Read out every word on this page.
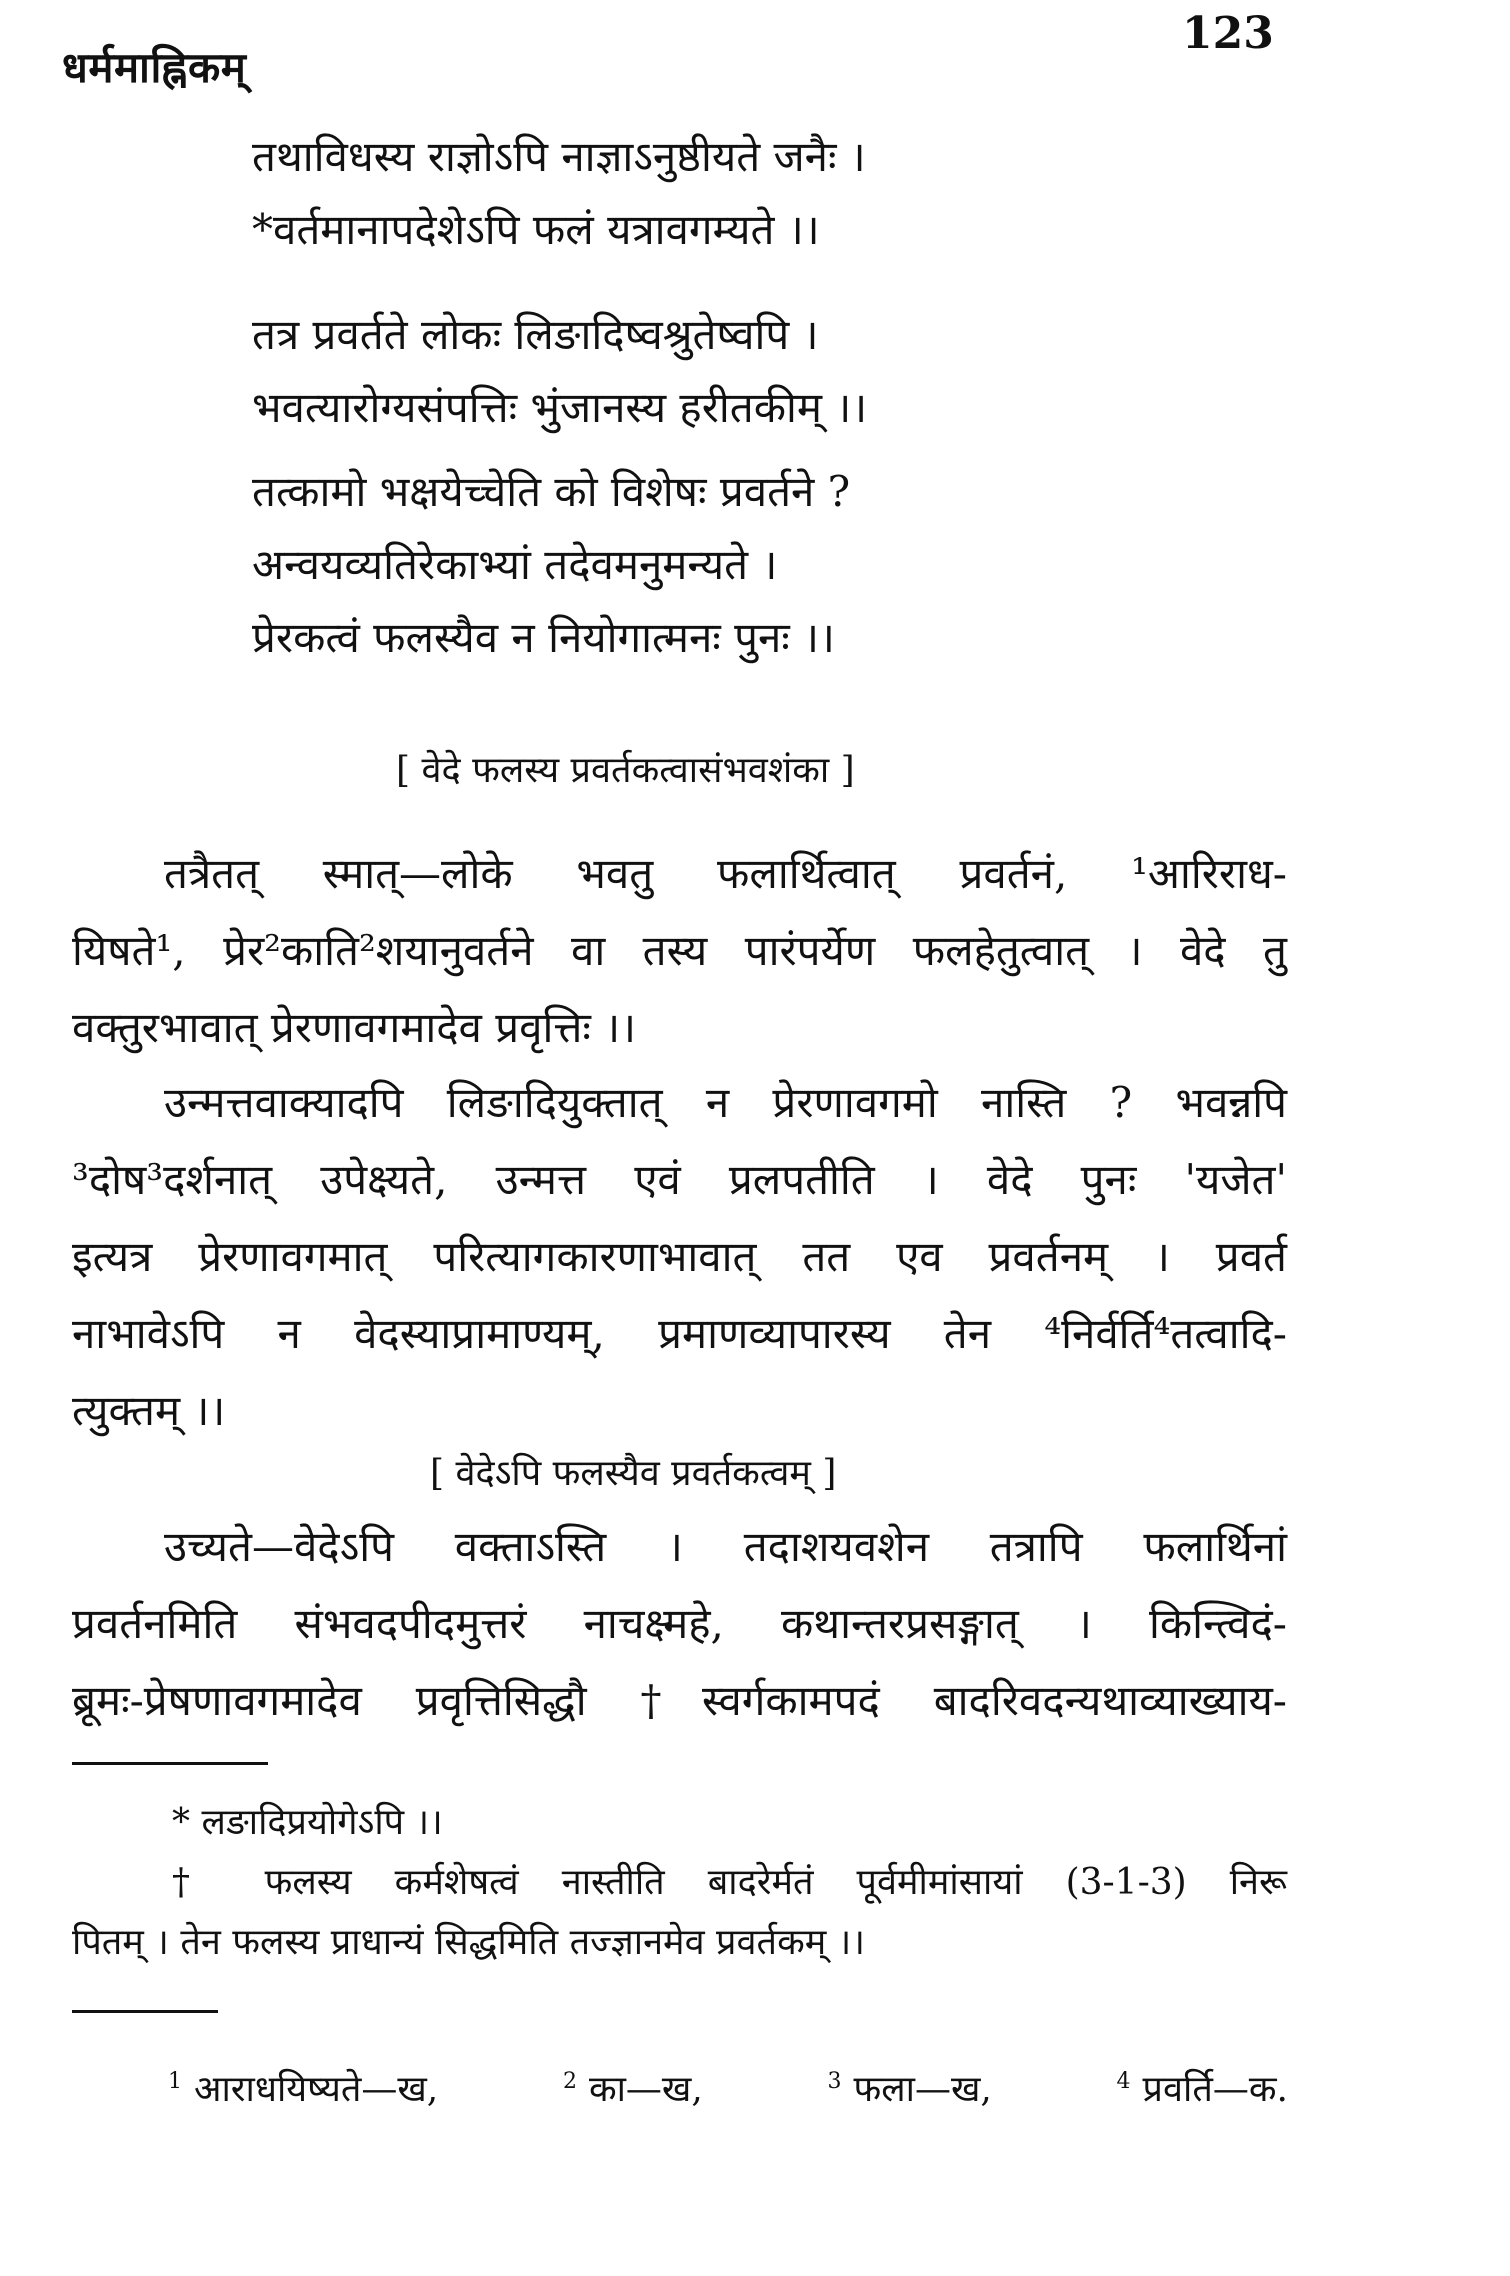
धर्ममाह्निकम्
123
तथाविधस्य राज्ञोऽपि नाज्ञाऽनुष्ठीयते जनैः ।
*वर्तमानापदेशेऽपि फलं यत्रावगम्यते ।।
तत्र प्रवर्तते लोकः लिङादिष्वश्रुतेष्वपि ।
भवत्यारोग्यसंपत्तिः भुंजानस्य हरीतकीम् ।।
तत्कामो भक्षयेच्चेति को विशेषः प्रवर्तने ?
अन्वयव्यतिरेकाभ्यां तदेवमनुमन्यते ।
प्रेरकत्वं फलस्यैव न नियोगात्मनः पुनः ।।
[ वेदे फलस्य प्रवर्तकत्वासंभवशंका ]
तत्रैतत् स्मात्—लोके भवतु फलार्थित्वात् प्रवर्तनं, ¹आरिराध-
यिषते¹, प्रेर²काति²शयानुवर्तने वा तस्य पारंपर्येण फलहेतुत्वात् । वेदे तु
वक्तुरभावात् प्रेरणावगमादेव प्रवृत्तिः ।।
उन्मत्तवाक्यादपि लिङादियुक्तात् न प्रेरणावगमो नास्ति ? भवन्नपि
³दोष³दर्शनात् उपेक्ष्यते, उन्मत्त एवं प्रलपतीति । वेदे पुनः 'यजेत'
इत्यत्र प्रेरणावगमात् परित्यागकारणाभावात् तत एव प्रवर्तनम् । प्रवर्त
नाभावेऽपि न वेदस्याप्रामाण्यम्, प्रमाणव्यापारस्य तेन ⁴निर्वर्ति⁴तत्वादि-
त्युक्तम् ।।
[ वेदेऽपि फलस्यैव प्रवर्तकत्वम् ]
उच्यते—वेदेऽपि वक्ताऽस्ति । तदाशयवशेन तत्रापि फलार्थिनां
प्रवर्तनमिति संभवदपीदमुत्तरं नाचक्ष्महे, कथान्तरप्रसङ्गात् । किन्त्विदं-
ब्रूमः-प्रेषणावगमादेव प्रवृत्तिसिद्धौ †स्वर्गकामपदं बादरिवदन्यथाव्याख्याय-
* लङादिप्रयोगेऽपि ।।
† फलस्य कर्मशेषत्वं नास्तीति बादरेर्मतं पूर्वमीमांसायां (3-1-3) निरू
पितम् । तेन फलस्य प्राधान्यं सिद्धमिति तज्ज्ञानमेव प्रवर्तकम् ।।
$^1$ आराधयिष्यते—ख,	$^2$ का—ख,	$^3$ फला—ख,	$^4$ प्रवर्ति—क.
